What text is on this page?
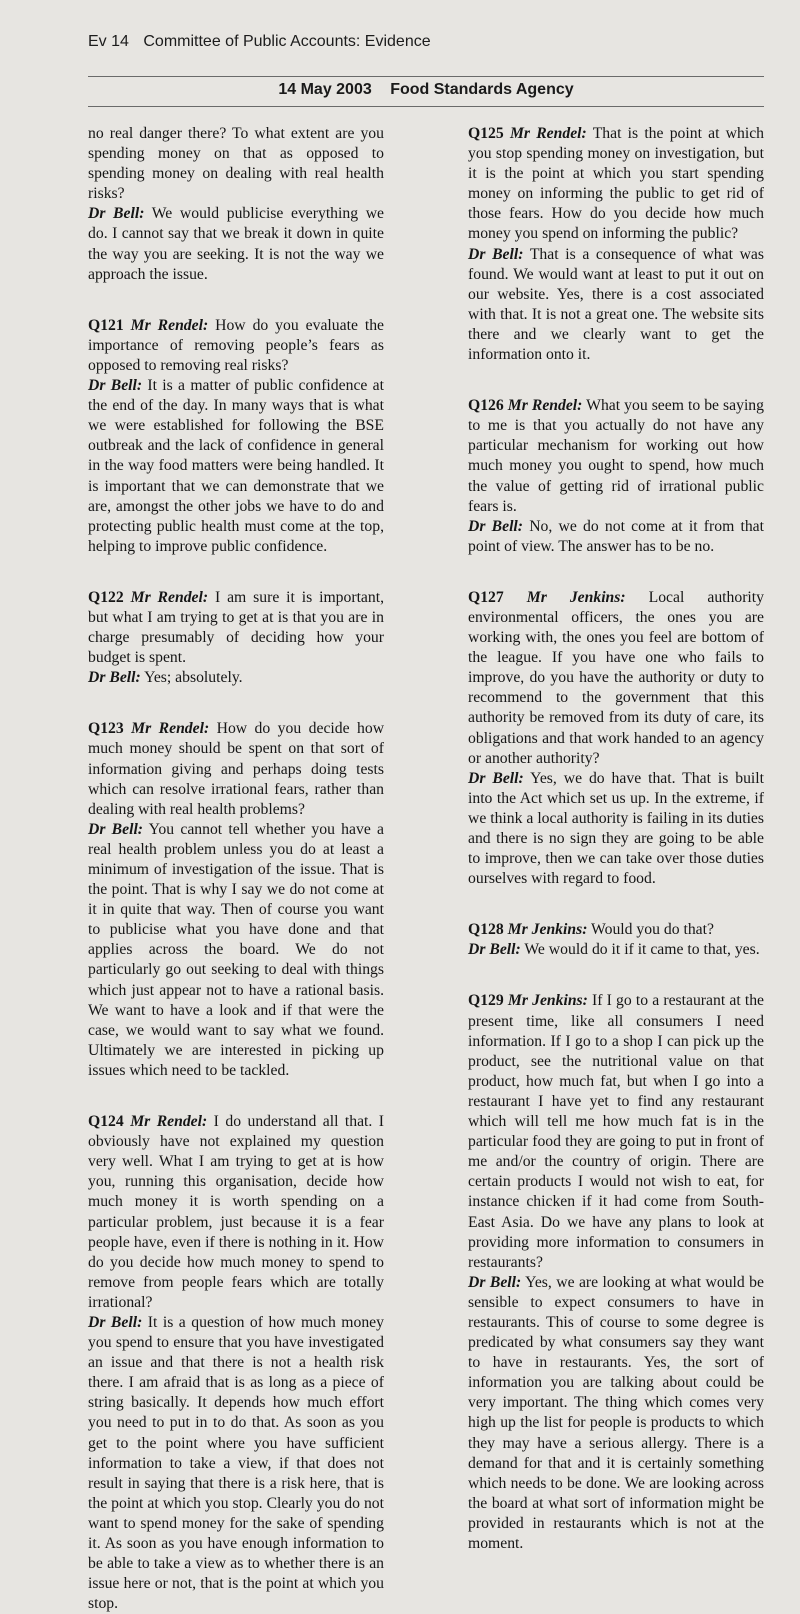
Ev 14 Committee of Public Accounts: Evidence
14 May 2003 Food Standards Agency

no real danger there? To what extent are you spending money on that as opposed to spending money on dealing with real health risks?

Dr Bell: We would publicise everything we do. I cannot say that we break it down in quite the way you are seeking. It is not the way we approach the issue.

Q121 Mr Rendel: How do you evaluate the importance of removing people’s fears as opposed to removing real risks?

Dr Bell: It is a matter of public confidence at the end of the day. In many ways that is what we were established for following the BSE outbreak and the lack of confidence in general in the way food matters were being handled. It is important that we can demonstrate that we are, amongst the other jobs we have to do and protecting public health must come at the top, helping to improve public confidence.

Q122 Mr Rendel: I am sure it is important, but what I am trying to get at is that you are in charge presumably of deciding how your budget is spent.

Dr Bell: Yes; absolutely.

Q123 Mr Rendel: How do you decide how much money should be spent on that sort of information giving and perhaps doing tests which can resolve irrational fears, rather than dealing with real health problems?

Dr Bell: You cannot tell whether you have a real health problem unless you do at least a minimum of investigation of the issue. That is the point. That is why I say we do not come at it in quite that way. Then of course you want to publicise what you have done and that applies across the board. We do not particularly go out seeking to deal with things which just appear not to have a rational basis. We want to have a look and if that were the case, we would want to say what we found. Ultimately we are interested in picking up issues which need to be tackled.

Q124 Mr Rendel: I do understand all that. I obviously have not explained my question very well. What I am trying to get at is how you, running this organisation, decide how much money it is worth spending on a particular problem, just because it is a fear people have, even if there is nothing in it. How do you decide how much money to spend to remove from people fears which are totally irrational?

Dr Bell: It is a question of how much money you spend to ensure that you have investigated an issue and that there is not a health risk there. I am afraid that is as long as a piece of string basically. It depends how much effort you need to put in to do that. As soon as you get to the point where you have sufficient information to take a view, if that does not result in saying that there is a risk here, that is the point at which you stop. Clearly you do not want to spend money for the sake of spending it. As soon as you have enough information to be able to take a view as to whether there is an issue here or not, that is the point at which you stop.

Q125 Mr Rendel: That is the point at which you stop spending money on investigation, but it is the point at which you start spending money on informing the public to get rid of those fears. How do you decide how much money you spend on informing the public?

Dr Bell: That is a consequence of what was found. We would want at least to put it out on our website. Yes, there is a cost associated with that. It is not a great one. The website sits there and we clearly want to get the information onto it.

Q126 Mr Rendel: What you seem to be saying to me is that you actually do not have any particular mechanism for working out how much money you ought to spend, how much the value of getting rid of irrational public fears is.

Dr Bell: No, we do not come at it from that point of view. The answer has to be no.

Q127 Mr Jenkins: Local authority environmental officers, the ones you are working with, the ones you feel are bottom of the league. If you have one who fails to improve, do you have the authority or duty to recommend to the government that this authority be removed from its duty of care, its obligations and that work handed to an agency or another authority?

Dr Bell: Yes, we do have that. That is built into the Act which set us up. In the extreme, if we think a local authority is failing in its duties and there is no sign they are going to be able to improve, then we can take over those duties ourselves with regard to food.

Q128 Mr Jenkins: Would you do that?

Dr Bell: We would do it if it came to that, yes.

Q129 Mr Jenkins: If I go to a restaurant at the present time, like all consumers I need information. If I go to a shop I can pick up the product, see the nutritional value on that product, how much fat, but when I go into a restaurant I have yet to find any restaurant which will tell me how much fat is in the particular food they are going to put in front of me and/or the country of origin. There are certain products I would not wish to eat, for instance chicken if it had come from South-East Asia. Do we have any plans to look at providing more information to consumers in restaurants?

Dr Bell: Yes, we are looking at what would be sensible to expect consumers to have in restaurants. This of course to some degree is predicated by what consumers say they want to have in restaurants. Yes, the sort of information you are talking about could be very important. The thing which comes very high up the list for people is products to which they may have a serious allergy. There is a demand for that and it is certainly something which needs to be done. We are looking across the board at what sort of information might be provided in restaurants which is not at the moment.
